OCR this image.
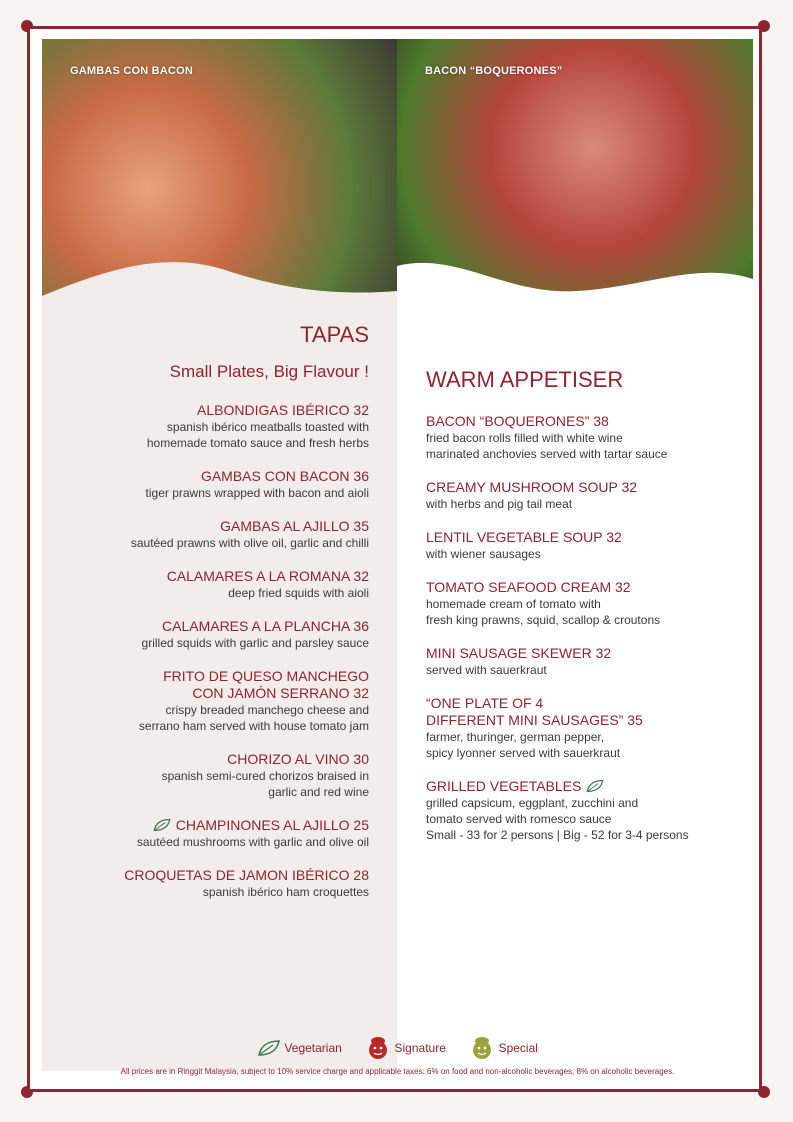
GAMBAS CON BACON	BACON “BOQUERONES”
TAPAS
Small Plates, Big Flavour !
ALBONDIGAS IBÉRICO 32
spanish ibérico meatballs toasted with
homemade tomato sauce and fresh herbs
GAMBAS CON BACON 36
tiger prawns wrapped with bacon and aioli
GAMBAS AL AJILLO 35
sautéed prawns with olive oil, garlic and chilli
CALAMARES A LA ROMANA 32
deep fried squids with aioli
CALAMARES A LA PLANCHA 36
grilled squids with garlic and parsley sauce
FRITO DE QUESO MANCHEGO
CON JAMÓN SERRANO 32
crispy breaded manchego cheese and
serrano ham served with house tomato jam
CHORIZO AL VINO 30
spanish semi-cured chorizos braised in
garlic and red wine
CHAMPINONES AL AJILLO 25
sautéed mushrooms with garlic and olive oil
CROQUETAS DE JAMON IBÉRICO 28
spanish ibérico ham croquettes
WARM APPETISER
BACON “BOQUERONES” 38
fried bacon rolls filled with white wine
marinated anchovies served with tartar sauce
CREAMY MUSHROOM SOUP 32
with herbs and pig tail meat
LENTIL VEGETABLE SOUP 32
with wiener sausages
TOMATO SEAFOOD CREAM 32
homemade cream of tomato with
fresh king prawns, squid, scallop & croutons
MINI SAUSAGE SKEWER 32
served with sauerkraut
“ONE PLATE OF 4
DIFFERENT MINI SAUSAGES” 35
farmer, thuringer, german pepper,
spicy lyonner served with sauerkraut
GRILLED VEGETABLES
grilled capsicum, eggplant, zucchini and
tomato served with romesco sauce
Small - 33 for 2 persons | Big - 52 for 3-4 persons
Vegetarian	Signature	Special
All prices are in Ringgit Malaysia, subject to 10% service charge and applicable taxes: 6% on food and non-alcoholic beverages, 8% on alcoholic beverages.
